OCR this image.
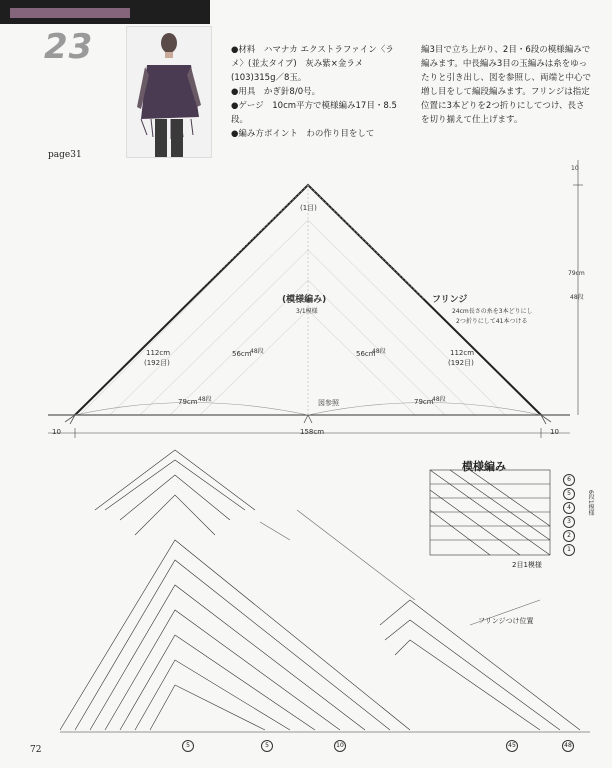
23
page31
●材料　ハマナカ エクストラファイン〈ラメ〉(並太タイプ)　灰み紫×金ラメ(103)315g／8玉。
●用具　かぎ針8/0号。
●ゲージ　10cm平方で模様編み17目・8.5段。
●編み方ポイント　わの作り目をして
編3目で立ち上がり、2目・6段の模様編みで編みます。中長編み3目の玉編みは糸をゆったりと引き出し、図を参照し、両端と中心で増し目をして編段編みます。フリンジは指定位置に3本どりを2つ折りにしてつけ、長さを切り揃えて仕上げます。
(1目)
(模様編み)
3/1模様
フリンジ
24cm長さの糸を3本どりにし
2つ折りにして41本つける
112cm
(192目)
112cm
(192目)
56cm
48段	56cm
48段
79cm 48段	79cm
48段
図参照
10	158cm	10
10
79cm
48段
模様編み
6
5
4
3
2
1
6段1模様
2目1模様
フリンジつけ位置
5	5	10	45	48
72
